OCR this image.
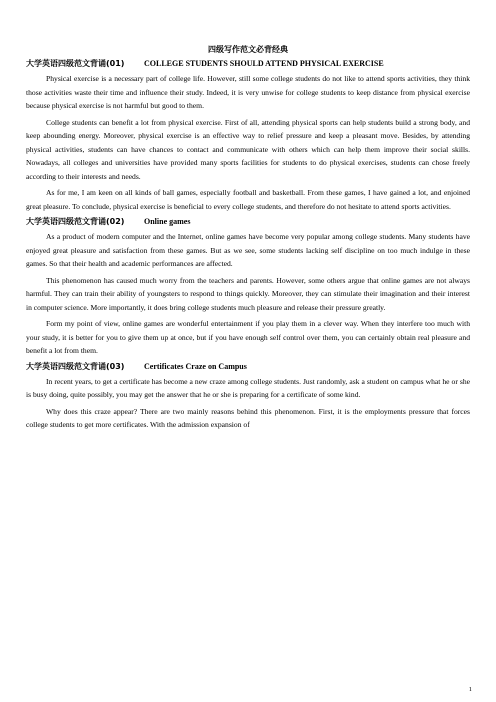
四级写作范文必背经典
大学英语四级范文背诵(01) COLLEGE STUDENTS SHOULD ATTEND PHYSICAL EXERCISE

Physical exercise is a necessary part of college life. However, still some college students do not like to attend sports activities, they think those activities waste their time and influence their study. Indeed, it is very unwise for college students to keep distance from physical exercise because physical exercise is not harmful but good to them.

College students can benefit a lot from physical exercise. First of all, attending physical sports can help students build a strong body, and keep abounding energy. Moreover, physical exercise is an effective way to relief pressure and keep a pleasant move. Besides, by attending physical activities, students can have chances to contact and communicate with others which can help them improve their social skills. Nowadays, all colleges and universities have provided many sports facilities for students to do physical exercises, students can chose freely according to their interests and needs.

As for me, I am keen on all kinds of ball games, especially football and basketball. From these games, I have gained a lot, and enjoined great pleasure. To conclude, physical exercise is beneficial to every college students, and therefore do not hesitate to attend sports activities.

大学英语四级范文背诵(02) Online games

As a product of modern computer and the Internet, online games have become very popular among college students. Many students have enjoyed great pleasure and satisfaction from these games. But as we see, some students lacking self discipline on too much indulge in these games. So that their health and academic performances are affected.

This phenomenon has caused much worry from the teachers and parents. However, some others argue that online games are not always harmful. They can train their ability of youngsters to respond to things quickly. Moreover, they can stimulate their imagination and their interest in computer science. More importantly, it does bring college students much pleasure and release their pressure greatly.

Form my point of view, online games are wonderful entertainment if you play them in a clever way. When they interfere too much with your study, it is better for you to give them up at once, but if you have enough self control over them, you can certainly obtain real pleasure and benefit a lot from them.

大学英语四级范文背诵(03) Certificates Craze on Campus

In recent years, to get a certificate has become a new craze among college students. Just randomly, ask a student on campus what he or she is busy doing, quite possibly, you may get the answer that he or she is preparing for a certificate of some kind.

Why does this craze appear? There are two mainly reasons behind this phenomenon. First, it is the employments pressure that forces college students to get more certificates. With the admission expansion of

1
